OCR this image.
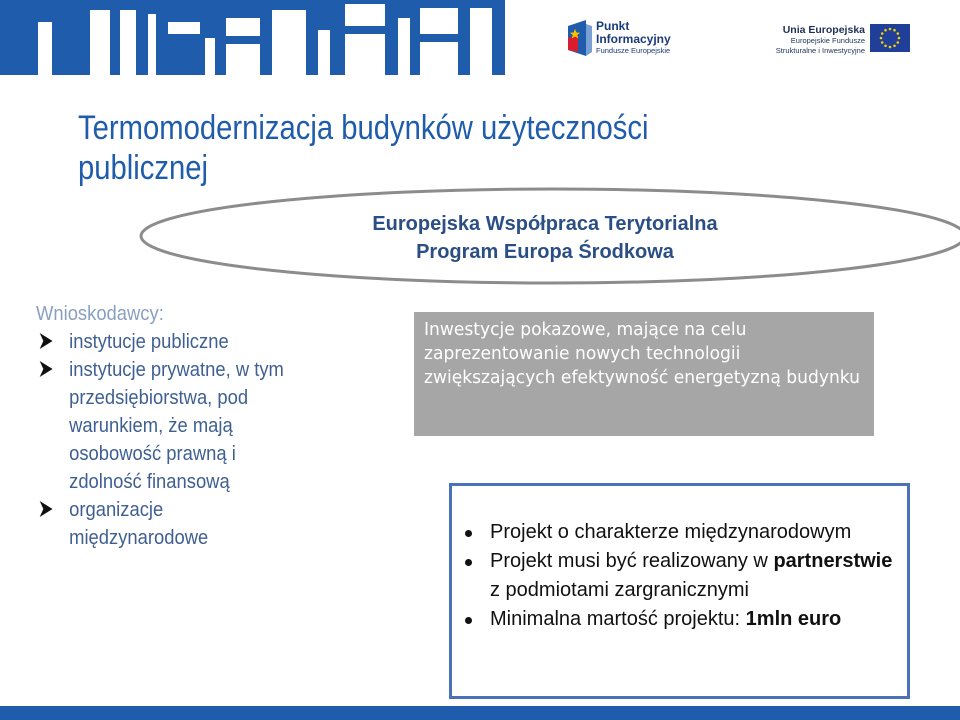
Punkt
Informacyjny
Fundusze Europejskie
Unia Europejska
Europejskie Fundusze
Strukturalne i Inwestycyjne
Termomodernizacja budynków użyteczności publicznej
Europejska Współpraca Terytorialna
Program Europa Środkowa
Wnioskodawcy:
instytucje publiczne
instytucje prywatne, w tym przedsiębiorstwa, pod warunkiem, że mają osobowość prawną i zdolność finansową
organizacje międzynarodowe
Inwestycje pokazowe, mające na celu zaprezentowanie nowych technologii zwiększających efektywność energetyzną budynku
Projekt o charakterze międzynarodowym
Projekt musi być realizowany w partnerstwie z podmiotami zargranicznymi
Minimalna martość projektu: 1mln euro
